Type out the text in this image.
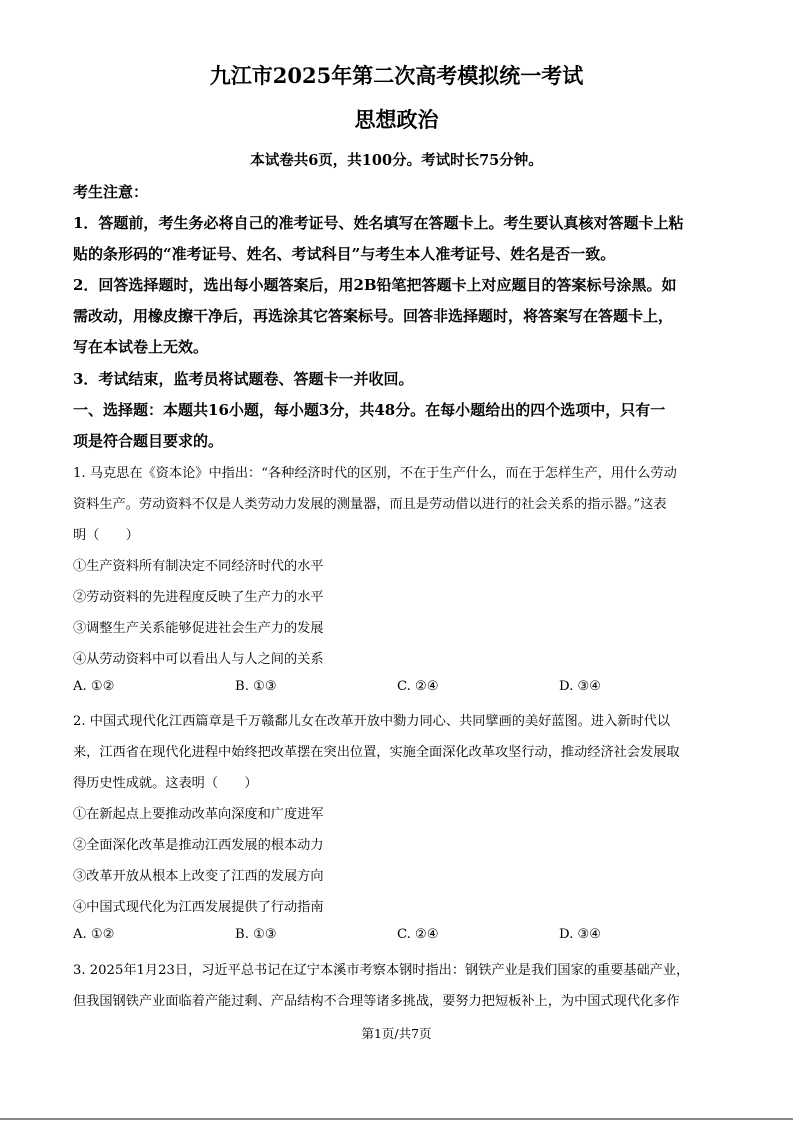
九江市2025年第二次高考模拟统一考试
思想政治
本试卷共6页，共100分。考试时长75分钟。
考生注意：
1．答题前，考生务必将自己的准考证号、姓名填写在答题卡上。考生要认真核对答题卡上粘
贴的条形码的“准考证号、姓名、考试科目”与考生本人准考证号、姓名是否一致。
2．回答选择题时，选出每小题答案后，用2B铅笔把答题卡上对应题目的答案标号涂黑。如
需改动，用橡皮擦干净后，再选涂其它答案标号。回答非选择题时，将答案写在答题卡上，
写在本试卷上无效。
3．考试结束，监考员将试题卷、答题卡一并收回。
一、选择题：本题共16小题，每小题3分，共48分。在每小题给出的四个选项中，只有一
项是符合题目要求的。
1. 马克思在《资本论》中指出：“各种经济时代的区别，不在于生产什么，而在于怎样生产，用什么劳动
资料生产。劳动资料不仅是人类劳动力发展的测量器，而且是劳动借以进行的社会关系的指示器。”这表
明（　　）
①生产资料所有制决定不同经济时代的水平
②劳动资料的先进程度反映了生产力的水平
③调整生产关系能够促进社会生产力的发展
④从劳动资料中可以看出人与人之间的关系
A. ①②	B. ①③	C. ②④	D. ③④
2. 中国式现代化江西篇章是千万赣鄱儿女在改革开放中勠力同心、共同擘画的美好蓝图。进入新时代以
来，江西省在现代化进程中始终把改革摆在突出位置，实施全面深化改革攻坚行动，推动经济社会发展取
得历史性成就。这表明（　　）
①在新起点上要推动改革向深度和广度进军
②全面深化改革是推动江西发展的根本动力
③改革开放从根本上改变了江西的发展方向
④中国式现代化为江西发展提供了行动指南
A. ①②	B. ①③	C. ②④	D. ③④
3. 2025年1月23日，习近平总书记在辽宁本溪市考察本钢时指出：钢铁产业是我们国家的重要基础产业，
但我国钢铁产业面临着产能过剩、产品结构不合理等诸多挑战，要努力把短板补上，为中国式现代化多作
第1页/共7页
